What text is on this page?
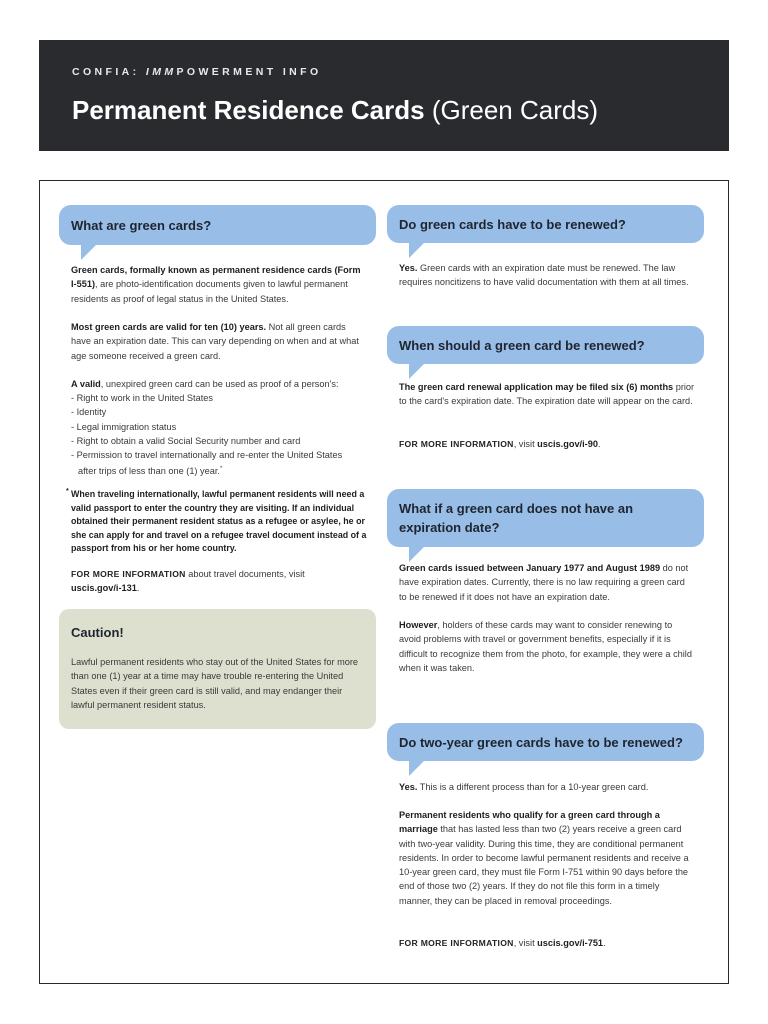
CONFIA: IMMPOWERMENT INFO
Permanent Residence Cards (Green Cards)
What are green cards?
Green cards, formally known as permanent residence cards (Form I-551), are photo-identification documents given to lawful permanent residents as proof of legal status in the United States.
Most green cards are valid for ten (10) years. Not all green cards have an expiration date. This can vary depending on when and at what age someone received a green card.
A valid, unexpired green card can be used as proof of a person's:
- Right to work in the United States
- Identity
- Legal immigration status
- Right to obtain a valid Social Security number and card
- Permission to travel internationally and re-enter the United States
after trips of less than one (1) year.*
* When traveling internationally, lawful permanent residents will need a valid passport to enter the country they are visiting. If an individual obtained their permanent resident status as a refugee or asylee, he or she can apply for and travel on a refugee travel document instead of a passport from his or her home country.
FOR MORE INFORMATION about travel documents, visit
uscis.gov/i-131.
Caution!
Lawful permanent residents who stay out of the United States for more than one (1) year at a time may have trouble re-entering the United States even if their green card is still valid, and may endanger their lawful permanent resident status.
Do green cards have to be renewed?
Yes. Green cards with an expiration date must be renewed. The law requires noncitizens to have valid documentation with them at all times.
When should a green card be renewed?
The green card renewal application may be filed six (6) months prior to the card's expiration date. The expiration date will appear on the card.
FOR MORE INFORMATION, visit uscis.gov/i-90.
What if a green card does not have an expiration date?
Green cards issued between January 1977 and August 1989 do not have expiration dates. Currently, there is no law requiring a green card to be renewed if it does not have an expiration date.
However, holders of these cards may want to consider renewing to avoid problems with travel or government benefits, especially if it is difficult to recognize them from the photo, for example, they were a child when it was taken.
Do two-year green cards have to be renewed?
Yes. This is a different process than for a 10-year green card.
Permanent residents who qualify for a green card through a marriage that has lasted less than two (2) years receive a green card with two-year validity. During this time, they are conditional permanent residents. In order to become lawful permanent residents and receive a 10-year green card, they must file Form I-751 within 90 days before the end of those two (2) years. If they do not file this form in a timely manner, they can be placed in removal proceedings.
FOR MORE INFORMATION, visit uscis.gov/i-751.
